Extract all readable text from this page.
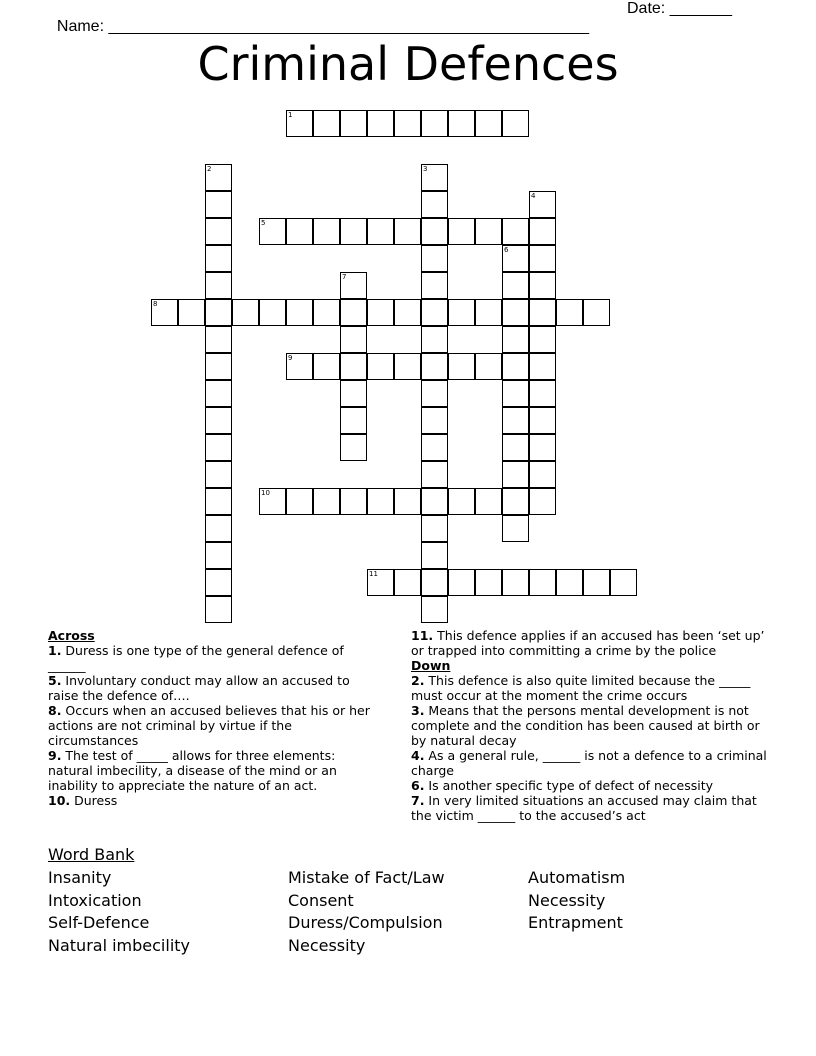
Name: ______________________________________________________

Date: _______

Criminal Defences
1
2	3
4
5
6
7
8
9
10
11
Across

1. Duress is one type of the general defence of ______

5. Involuntary conduct may allow an accused to raise the defence of….

8. Occurs when an accused believes that his or her actions are not criminal by virtue if the circumstances

9. The test of _____ allows for three elements: natural imbecility, a disease of the mind or an inability to appreciate the nature of an act.

10. Duress

11. This defence applies if an accused has been ‘set up’ or trapped into committing a crime by the police

Down

2. This defence is also quite limited because the _____ must occur at the moment the crime occurs

3. Means that the persons mental development is not complete and the condition has been caused at birth or by natural decay

4. As a general rule, ______ is not a defence to a criminal charge

6. Is another specific type of defect of necessity

7. In very limited situations an accused may claim that the victim ______ to the accused’s act

Word Bank
Insanity
Intoxication
Self-Defence
Natural imbecility
Mistake of Fact/Law
Consent
Duress/Compulsion
Necessity
Automatism
Necessity
Entrapment
